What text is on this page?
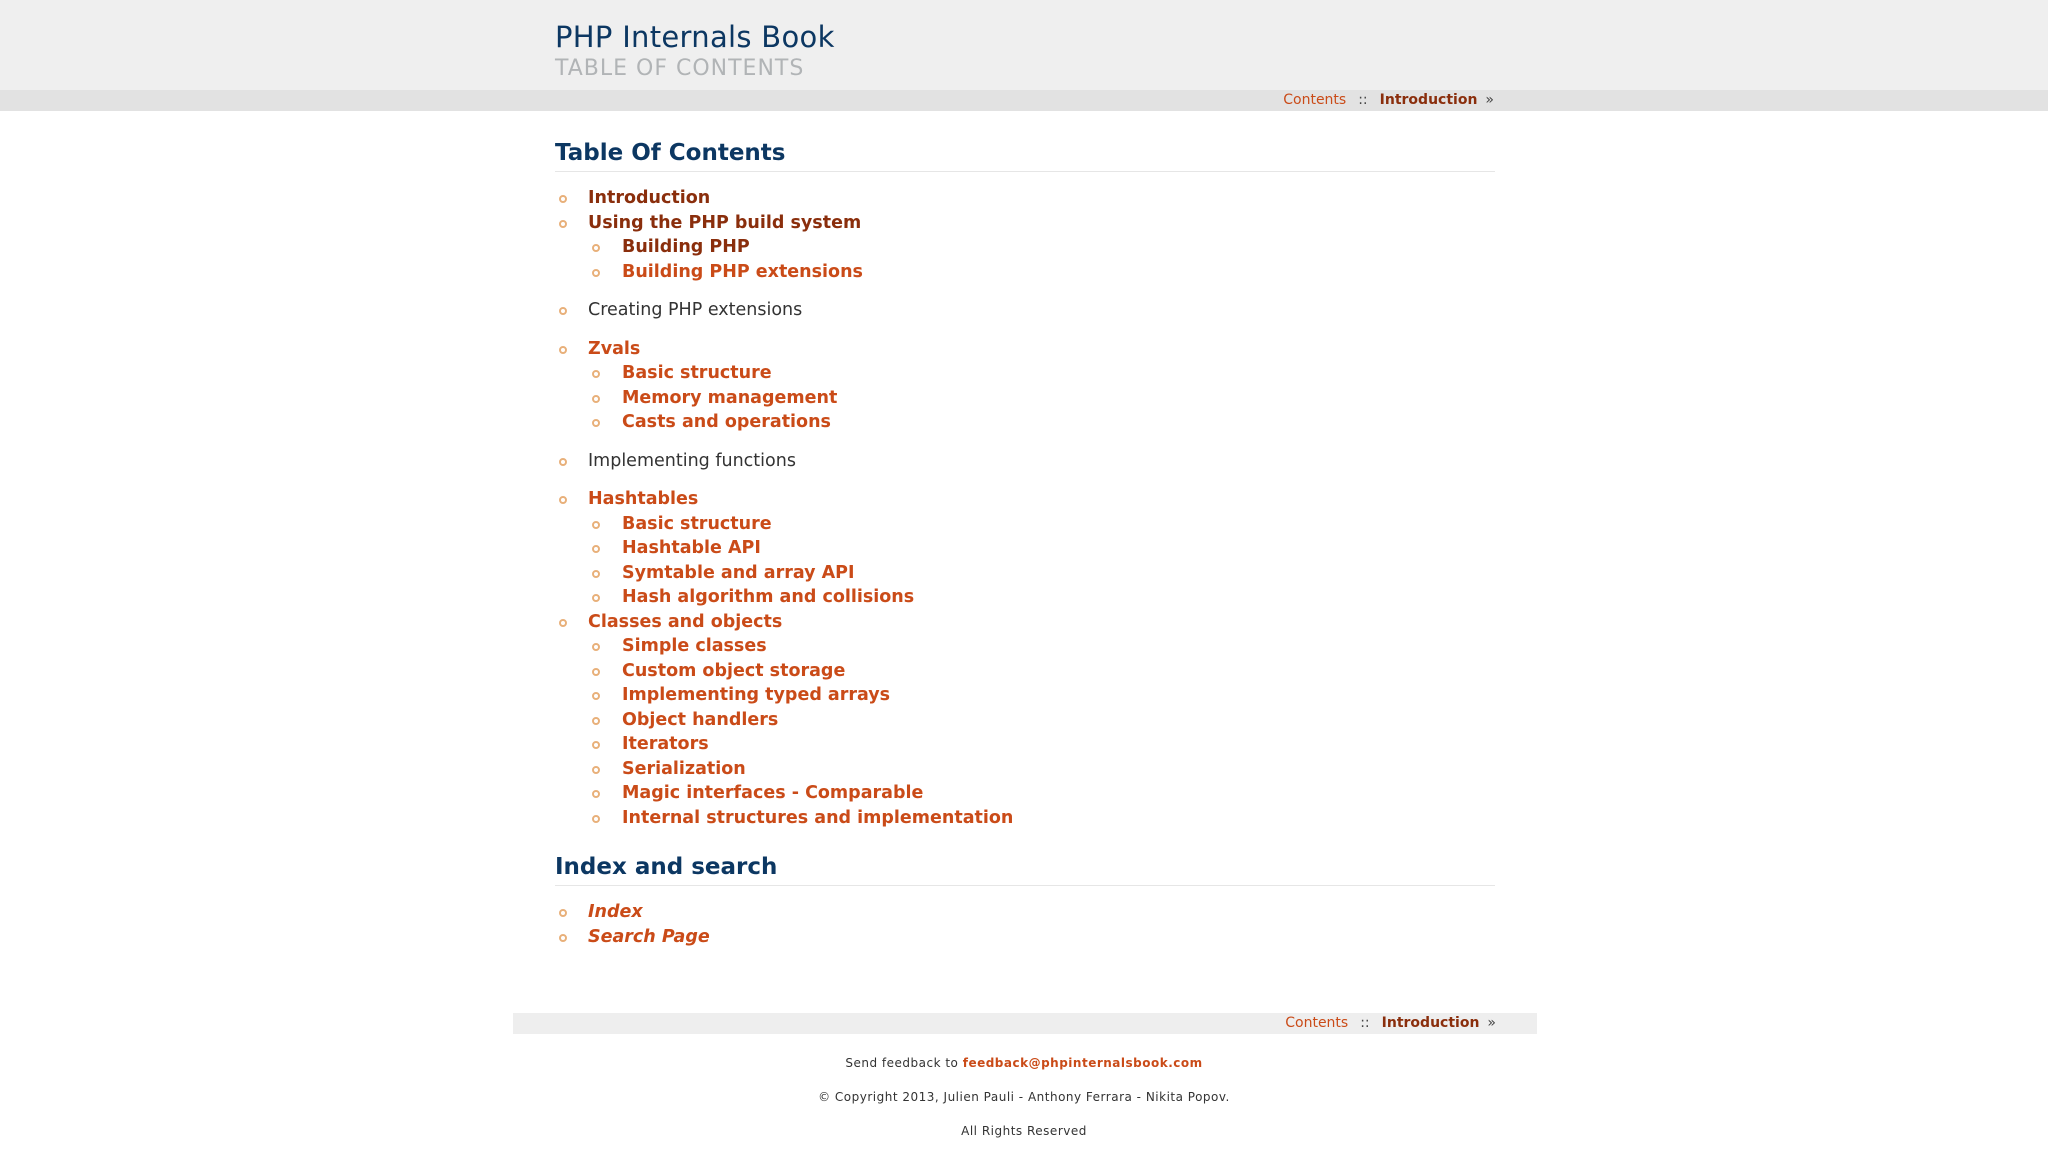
PHP Internals Book
TABLE OF CONTENTS
Contents :: Introduction »
Table Of Contents
Introduction
Using the PHP build system
Building PHP
Building PHP extensions
Creating PHP extensions
Zvals
Basic structure
Memory management
Casts and operations
Implementing functions
Hashtables
Basic structure
Hashtable API
Symtable and array API
Hash algorithm and collisions
Classes and objects
Simple classes
Custom object storage
Implementing typed arrays
Object handlers
Iterators
Serialization
Magic interfaces - Comparable
Internal structures and implementation
Index and search
Index
Search Page
Contents :: Introduction »
Send feedback to feedback@phpinternalsbook.com
© Copyright 2013, Julien Pauli - Anthony Ferrara - Nikita Popov.
All Rights Reserved
